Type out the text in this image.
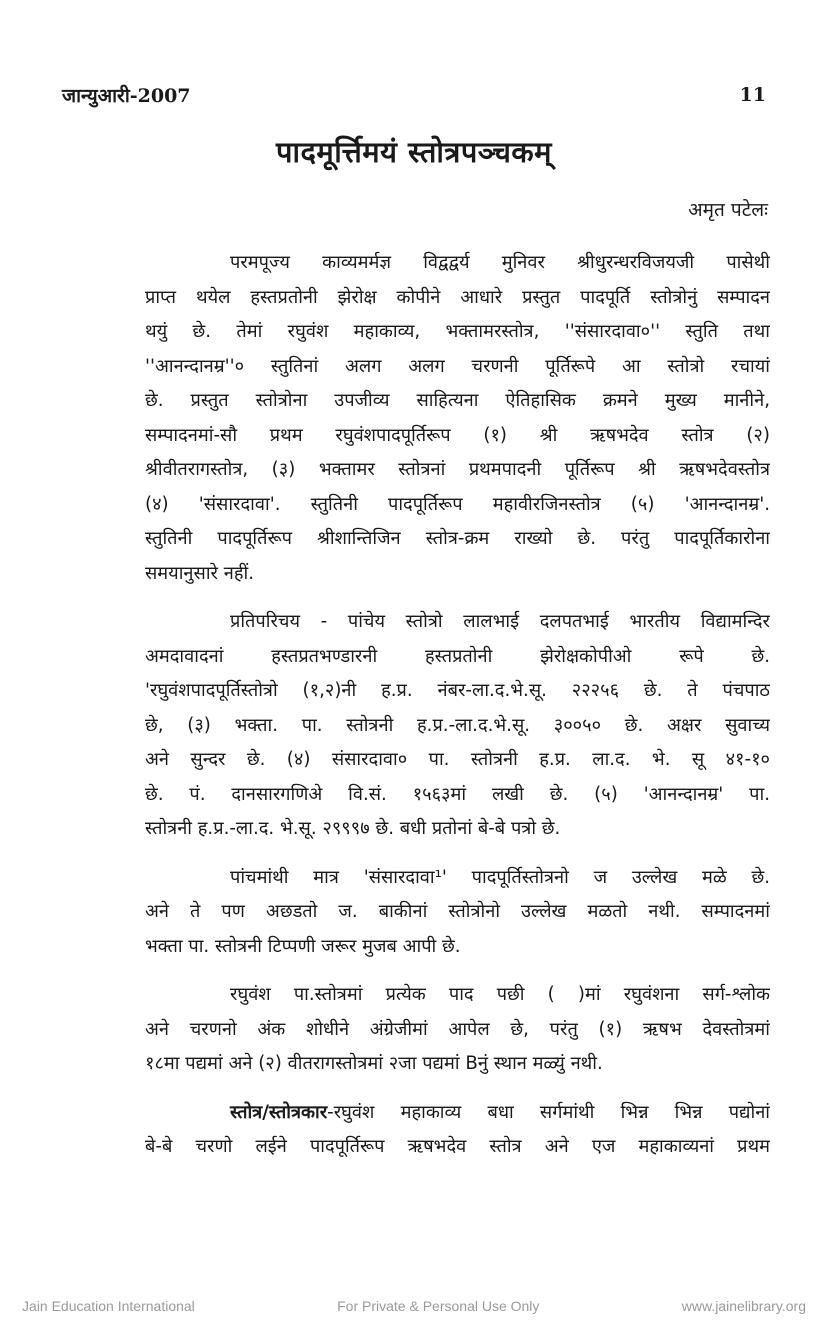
जान्युआरी-2007	11
पादमूर्त्तिमयं स्तोत्रपञ्चकम्
अमृत पटेलः
परमपूज्य काव्यमर्मज्ञ विद्वद्वर्य मुनिवर श्रीधुरन्धरविजयजी पासेथी
प्राप्त थयेल हस्तप्रतोनी झेरोक्ष कोपीने आधारे प्रस्तुत पादपूर्ति स्तोत्रोनुं सम्पादन
थयुं छे. तेमां रघुवंश महाकाव्य, भक्तामरस्तोत्र, ''संसारदावा०'' स्तुति तथा
''आनन्दानम्र''० स्तुतिनां अलग अलग चरणनी पूर्तिरूपे आ स्तोत्रो रचायां
छे. प्रस्तुत स्तोत्रोना उपजीव्य साहित्यना ऐतिहासिक क्रमने मुख्य मानीने,
सम्पादनमां-सौ प्रथम रघुवंशपादपूर्तिरूप (१) श्री ऋषभदेव स्तोत्र (२)
श्रीवीतरागस्तोत्र, (३) भक्तामर स्तोत्रनां प्रथमपादनी पूर्तिरूप श्री ऋषभदेवस्तोत्र
(४) 'संसारदावा'. स्तुतिनी पादपूर्तिरूप महावीरजिनस्तोत्र (५) 'आनन्दानम्र'.
स्तुतिनी पादपूर्तिरूप श्रीशान्तिजिन स्तोत्र-क्रम राख्यो छे. परंतु पादपूर्तिकारोना
समयानुसारे नहीं.
प्रतिपरिचय - पांचेय स्तोत्रो लालभाई दलपतभाई भारतीय विद्यामन्दिर
अमदावादनां हस्तप्रतभण्डारनी हस्तप्रतोनी झेरोक्षकोपीओ रूपे छे.
'रघुवंशपादपूर्तिस्तोत्रो (१,२)नी ह.प्र. नंबर-ला.द.भे.सू. २२२५६ छे. ते पंचपाठ
छे, (३) भक्ता. पा. स्तोत्रनी ह.प्र.-ला.द.भे.सू. ३००५० छे. अक्षर सुवाच्य
अने सुन्दर छे. (४) संसारदावा० पा. स्तोत्रनी ह.प्र. ला.द. भे. सू ४१-१०
छे. पं. दानसारगणिअे वि.सं. १५६३मां लखी छे. (५) 'आनन्दानम्र' पा.
स्तोत्रनी ह.प्र.-ला.द. भे.सू. २९९९७ छे. बधी प्रतोनां बे-बे पत्रो छे.
पांचमांथी मात्र 'संसारदावा¹' पादपूर्तिस्तोत्रनो ज उल्लेख मळे छे.
अने ते पण अछडतो ज. बाकीनां स्तोत्रोनो उल्लेख मळतो नथी. सम्पादनमां
भक्ता पा. स्तोत्रनी टिप्पणी जरूर मुजब आपी छे.
रघुवंश पा.स्तोत्रमां प्रत्येक पाद पछी ( )मां रघुवंशना सर्ग-श्लोक
अने चरणनो अंक शोधीने अंग्रेजीमां आपेल छे, परंतु (१) ऋषभ देवस्तोत्रमां
१८मा पद्यमां अने (२) वीतरागस्तोत्रमां २जा पद्यमां Bनुं स्थान मळ्युं नथी.
स्तोत्र/स्तोत्रकार-रघुवंश महाकाव्य बधा सर्गमांथी भिन्न भिन्न पद्योनां
बे-बे चरणो लईने पादपूर्तिरूप ऋषभदेव स्तोत्र अने एज महाकाव्यनां प्रथम
Jain Education International	For Private & Personal Use Only	www.jainelibrary.org
